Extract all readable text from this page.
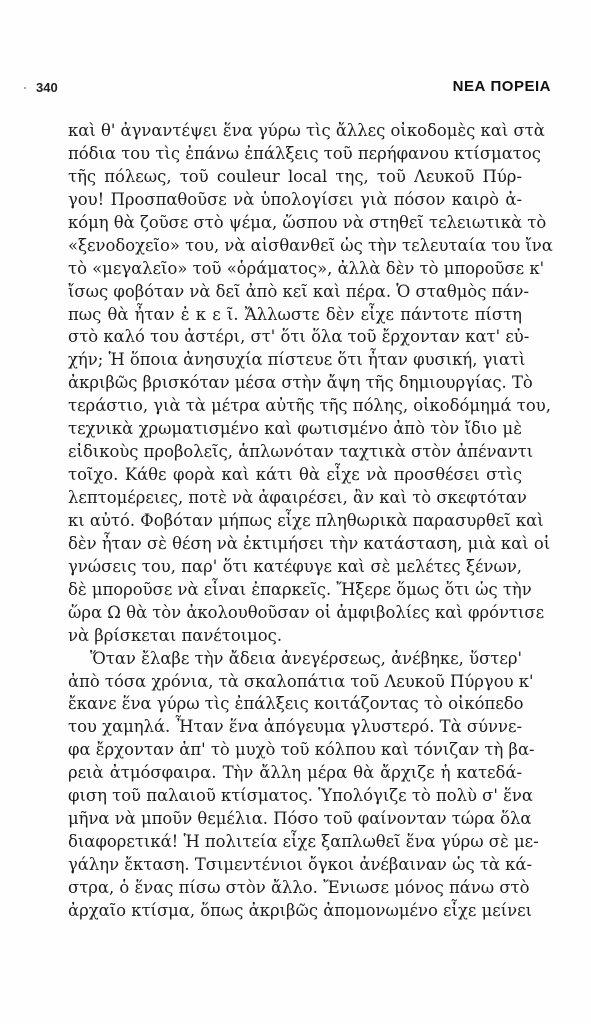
340	ΝΕΑ ΠΟΡΕΙΑ
καὶ θ' ἀγναντέψει ἕνα γύρω τὶς ἄλλες οἰκοδομὲς καὶ στὰ
πόδια του τὶς ἐπάνω ἐπάλξεις τοῦ περήφανου κτίσματος
τῆς πόλεως, τοῦ couleur local της, τοῦ Λευκοῦ Πύρ-
γου! Προσπαθοῦσε νὰ ὑπολογίσει γιὰ πόσον καιρὸ ἀ-
κόμη θὰ ζοῦσε στὸ ψέμα, ὥσπου νὰ στηθεῖ τελειωτικὰ τὸ
«ξενοδοχεῖο» του, νὰ αἰσθανθεῖ ὡς τὴν τελευταία του ἴνα
τὸ «μεγαλεῖο» τοῦ «ὁράματος», ἀλλὰ δὲν τὸ μποροῦσε κ'
ἴσως φοβόταν νὰ δεῖ ἀπὸ κεῖ καὶ πέρα. Ὁ σταθμὸς πάν-
πως θὰ ἦταν ἐ κ ε ῖ. Ἄλλωστε δὲν εἶχε πάντοτε πίστη
στὸ καλό του ἀστέρι, στ' ὅτι ὅλα τοῦ ἔρχονταν κατ' εὐ-
χήν; Ἡ ὅποια ἀνησυχία πίστευε ὅτι ἦταν φυσική, γιατὶ
ἀκριβῶς βρισκόταν μέσα στὴν ἄψη τῆς δημιουργίας. Τὸ
τεράστιο, γιὰ τὰ μέτρα αὐτῆς τῆς πόλης, οἰκοδόμημά του,
τεχνικὰ χρωματισμένο καὶ φωτισμένο ἀπὸ τὸν ἴδιο μὲ
εἰδικοὺς προβολεῖς, ἁπλωνόταν ταχτικὰ στὸν ἀπέναντι
τοῖχο. Κάθε φορὰ καὶ κάτι θὰ εἶχε νὰ προσθέσει στὶς
λεπτομέρειες, ποτὲ νὰ ἀφαιρέσει, ἂν καὶ τὸ σκεφτόταν
κι αὐτό. Φοβόταν μήπως εἶχε πληθωρικὰ παρασυρθεῖ καὶ
δὲν ἦταν σὲ θέση νὰ ἐκτιμήσει τὴν κατάσταση, μιὰ καὶ οἱ
γνώσεις του, παρ' ὅτι κατέφυγε καὶ σὲ μελέτες ξένων,
δὲ μποροῦσε νὰ εἶναι ἐπαρκεῖς. Ἤξερε ὅμως ὅτι ὡς τὴν
ὥρα Ω θὰ τὸν ἀκολουθοῦσαν οἱ ἀμφιβολίες καὶ φρόντισε
νὰ βρίσκεται πανέτοιμος.
Ὅταν ἔλαβε τὴν ἄδεια ἀνεγέρσεως, ἀνέβηκε, ὕστερ'
ἀπὸ τόσα χρόνια, τὰ σκαλοπάτια τοῦ Λευκοῦ Πύργου κ'
ἔκανε ἕνα γύρω τὶς ἐπάλξεις κοιτάζοντας τὸ οἰκόπεδο
του χαμηλά. Ἦταν ἕνα ἀπόγευμα γλυστερό. Τὰ σύννε-
φα ἔρχονταν ἀπ' τὸ μυχὸ τοῦ κόλπου καὶ τόνιζαν τὴ βα-
ρειὰ ἀτμόσφαιρα. Τὴν ἄλλη μέρα θὰ ἄρχιζε ἡ κατεδά-
φιση τοῦ παλαιοῦ κτίσματος. Ὑπολόγιζε τὸ πολὺ σ' ἕνα
μῆνα νὰ μποῦν θεμέλια. Πόσο τοῦ φαίνονταν τώρα ὅλα
διαφορετικά! Ἡ πολιτεία εἶχε ξαπλωθεῖ ἕνα γύρω σὲ με-
γάλην ἔκταση. Τσιμεντένιοι ὄγκοι ἀνέβαιναν ὡς τὰ κά-
στρα, ὁ ἕνας πίσω στὸν ἄλλο. Ἔνιωσε μόνος πάνω στὸ
ἀρχαῖο κτίσμα, ὅπως ἀκριβῶς ἀπομονωμένο εἶχε μείνει
